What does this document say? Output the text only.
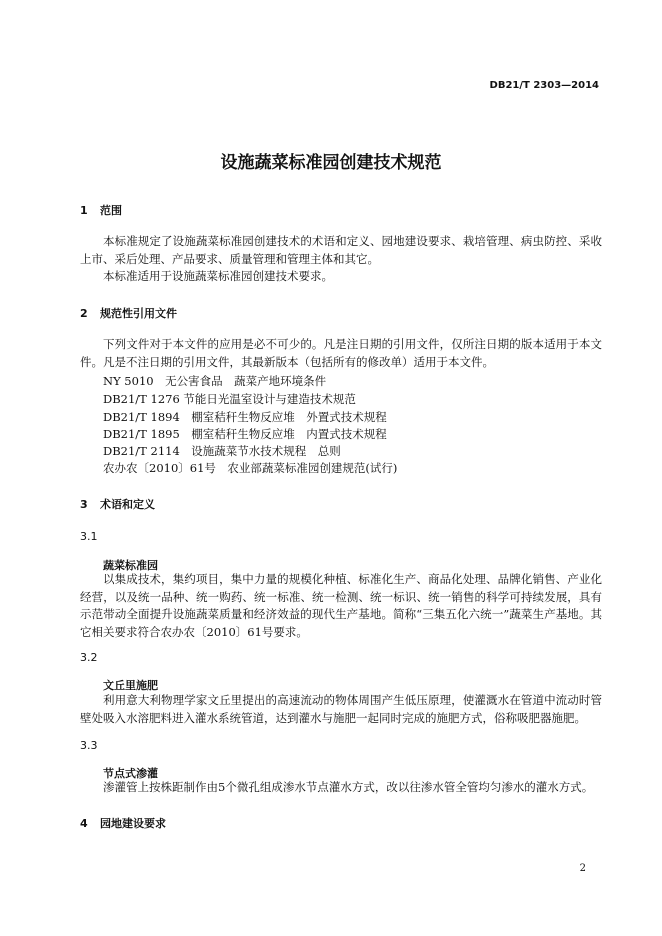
DB21/T 2303—2014
设施蔬菜标准园创建技术规范
1 范围
本标准规定了设施蔬菜标准园创建技术的术语和定义、园地建设要求、栽培管理、病虫防控、采收上市、采后处理、产品要求、质量管理和管理主体和其它。
本标准适用于设施蔬菜标准园创建技术要求。
2 规范性引用文件
下列文件对于本文件的应用是必不可少的。凡是注日期的引用文件，仅所注日期的版本适用于本文件。凡是不注日期的引用文件，其最新版本（包括所有的修改单）适用于本文件。
NY 5010　无公害食品　蔬菜产地环境条件
DB21/T 1276 节能日光温室设计与建造技术规范
DB21/T 1894　棚室秸秆生物反应堆　外置式技术规程
DB21/T 1895　棚室秸秆生物反应堆　内置式技术规程
DB21/T 2114　设施蔬菜节水技术规程　总则
农办农〔2010〕61号　农业部蔬菜标准园创建规范(试行)
3 术语和定义
3.1
蔬菜标准园
以集成技术，集约项目，集中力量的规模化种植、标准化生产、商品化处理、品牌化销售、产业化经营，以及统一品种、统一购药、统一标准、统一检测、统一标识、统一销售的科学可持续发展，具有示范带动全面提升设施蔬菜质量和经济效益的现代生产基地。简称“三集五化六统一”蔬菜生产基地。其它相关要求符合农办农〔2010〕61号要求。
3.2
文丘里施肥
利用意大利物理学家文丘里提出的高速流动的物体周围产生低压原理，使灌溉水在管道中流动时管壁处吸入水溶肥料进入灌水系统管道，达到灌水与施肥一起同时完成的施肥方式，俗称吸肥器施肥。
3.3
节点式渗灌
渗灌管上按株距制作由5个微孔组成渗水节点灌水方式，改以往渗水管全管均匀渗水的灌水方式。
4 园地建设要求
2
